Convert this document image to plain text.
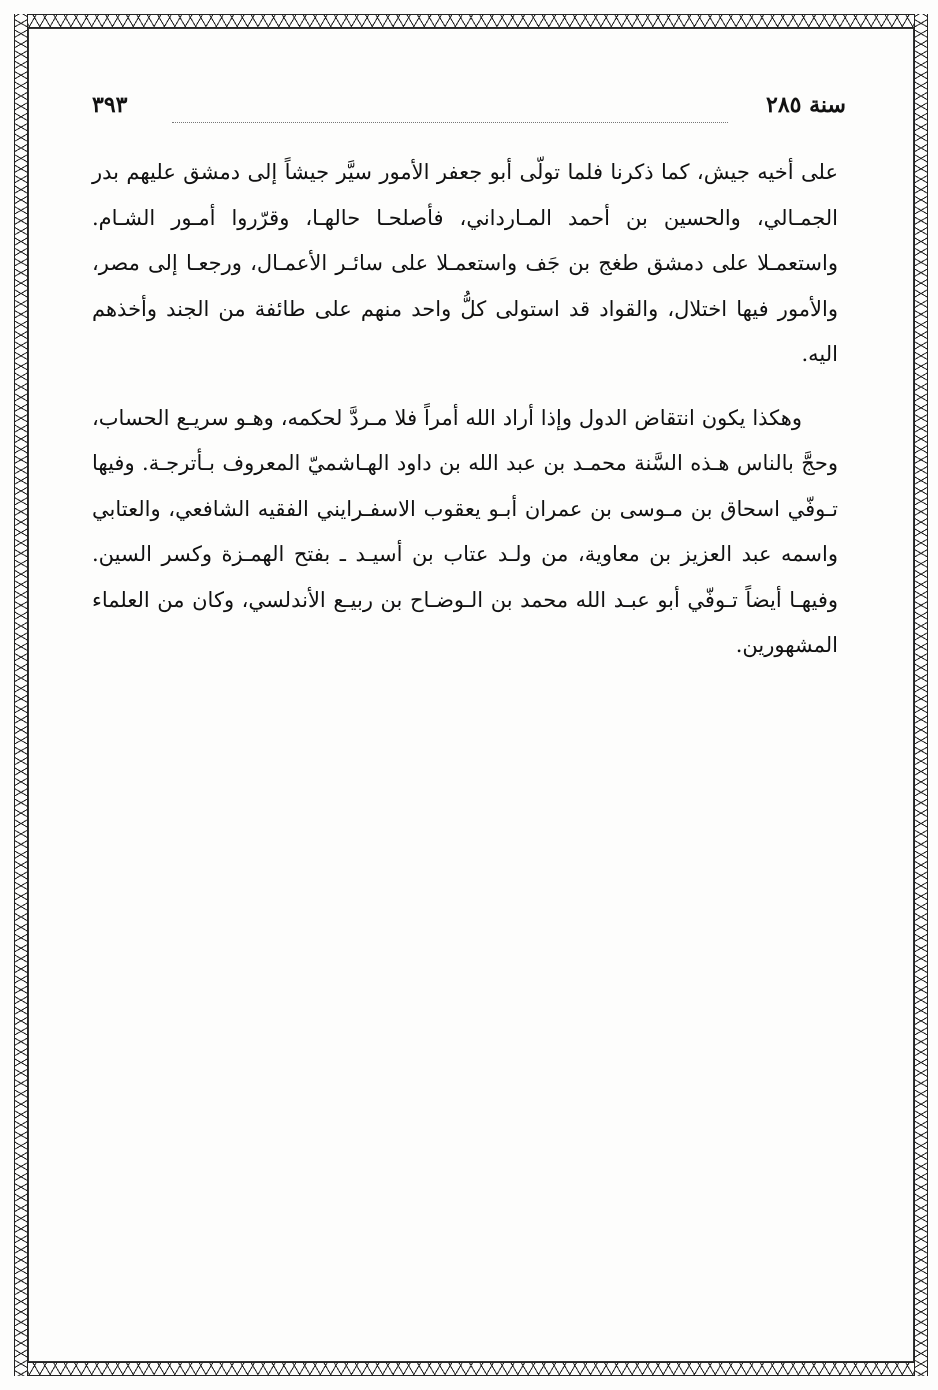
سنة ٢٨٥
٣٩٣

على أخيه جيش، كما ذكرنا فلما تولّى أبو جعفر الأمور سيَّر جيشاً إلى دمشق عليهم بدر الجمـالي، والحسين بن أحمد المـارداني، فأصلحـا حالهـا، وقرّروا أمـور الشـام. واستعمـلا على دمشق طغج بن جَف واستعمـلا على سائـر الأعمـال، ورجعـا إلى مصر، والأمور فيها اختلال، والقواد قد استولى كلُّ واحد منهم على طائفة من الجند وأخذهم اليه.

وهكذا يكون انتقاض الدول وإذا أراد الله أمراً فلا مـردَّ لحكمه، وهـو سريـع الحساب، وحجَّ بالناس هـذه السَّنة محمـد بن عبد الله بن داود الهـاشميّ المعروف بـأترجـة. وفيها تـوفّي اسحاق بن مـوسى بن عمران أبـو يعقوب الاسفـرايني الفقيه الشافعي، والعتابي واسمه عبد العزيز بن معاوية، من ولـد عتاب بن أسيـد ـ بفتح الهمـزة وكسر السين. وفيهـا أيضاً تـوفّي أبو عبـد الله محمد بن الـوضـاح بن ربيـع الأندلسي، وكان من العلماء المشهورين.
